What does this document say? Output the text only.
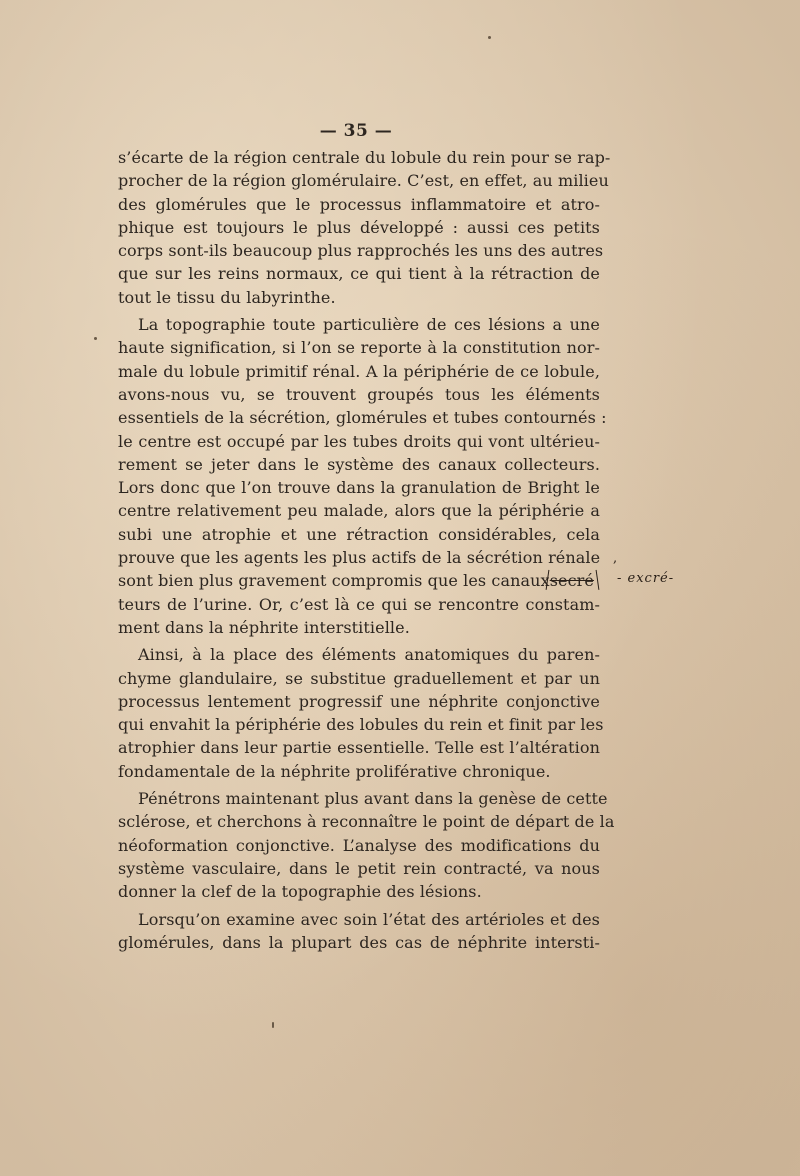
— 35 —
s’écarte de la région centrale du lobule du rein pour se rap-
procher de la région glomérulaire. C’est, en effet, au milieu
des glomérules que le processus inflammatoire et atro-
phique est toujours le plus développé : aussi ces petits
corps sont-ils beaucoup plus rapprochés les uns des autres
que sur les reins normaux, ce qui tient à la rétraction de
tout le tissu du labyrinthe.
La topographie toute particulière de ces lésions a une
haute signification, si l’on se reporte à la constitution nor-
male du lobule primitif rénal. A la périphérie de ce lobule,
avons-nous vu, se trouvent groupés tous les éléments
essentiels de la sécrétion, glomérules et tubes contournés :
le centre est occupé par les tubes droits qui vont ultérieu-
rement se jeter dans le système des canaux collecteurs.
Lors donc que l’on trouve dans la granulation de Bright le
centre relativement peu malade, alors que la périphérie a
subi une atrophie et une rétraction considérables, cela
prouve que les agents les plus actifs de la sécrétion rénale
sont bien plus gravement compromis que les canauxsecré
teurs de l’urine. Or, c’est là ce qui se rencontre constam-
ment dans la néphrite interstitielle.
Ainsi, à la place des éléments anatomiques du paren-
chyme glandulaire, se substitue graduellement et par un
processus lentement progressif une néphrite conjonctive
qui envahit la périphérie des lobules du rein et finit par les
atrophier dans leur partie essentielle. Telle est l’altération
fondamentale de la néphrite proliférative chronique.
Pénétrons maintenant plus avant dans la genèse de cette
sclérose, et cherchons à reconnaître le point de départ de la
néoformation conjonctive. L’analyse des modifications du
système vasculaire, dans le petit rein contracté, va nous
donner la clef de la topographie des lésions.
Lorsqu’on examine avec soin l’état des artérioles et des
glomérules, dans la plupart des cas de néphrite intersti-
,
- excré-
